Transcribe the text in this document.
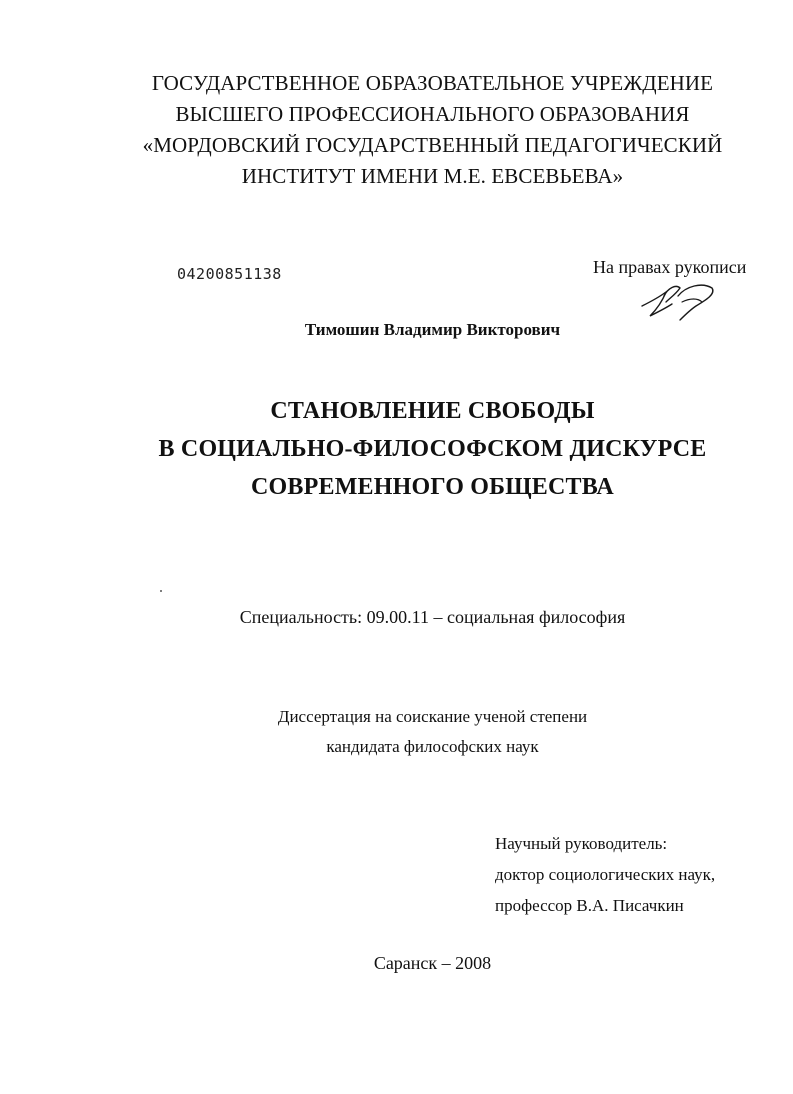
ГОСУДАРСТВЕННОЕ ОБРАЗОВАТЕЛЬНОЕ УЧРЕЖДЕНИЕ
ВЫСШЕГО ПРОФЕССИОНАЛЬНОГО ОБРАЗОВАНИЯ
«МОРДОВСКИЙ ГОСУДАРСТВЕННЫЙ ПЕДАГОГИЧЕСКИЙ
ИНСТИТУТ ИМЕНИ М.Е. ЕВСЕВЬЕВА»
04200851138	На правах рукописи
Тимошин Владимир Викторович
СТАНОВЛЕНИЕ СВОБОДЫ
В СОЦИАЛЬНО-ФИЛОСОФСКОМ ДИСКУРСЕ
СОВРЕМЕННОГО ОБЩЕСТВА
Специальность: 09.00.11 – социальная философия
Диссертация на соискание ученой степени
кандидата философских наук
Научный руководитель:
доктор социологических наук,
профессор В.А. Писачкин
Саранск – 2008
